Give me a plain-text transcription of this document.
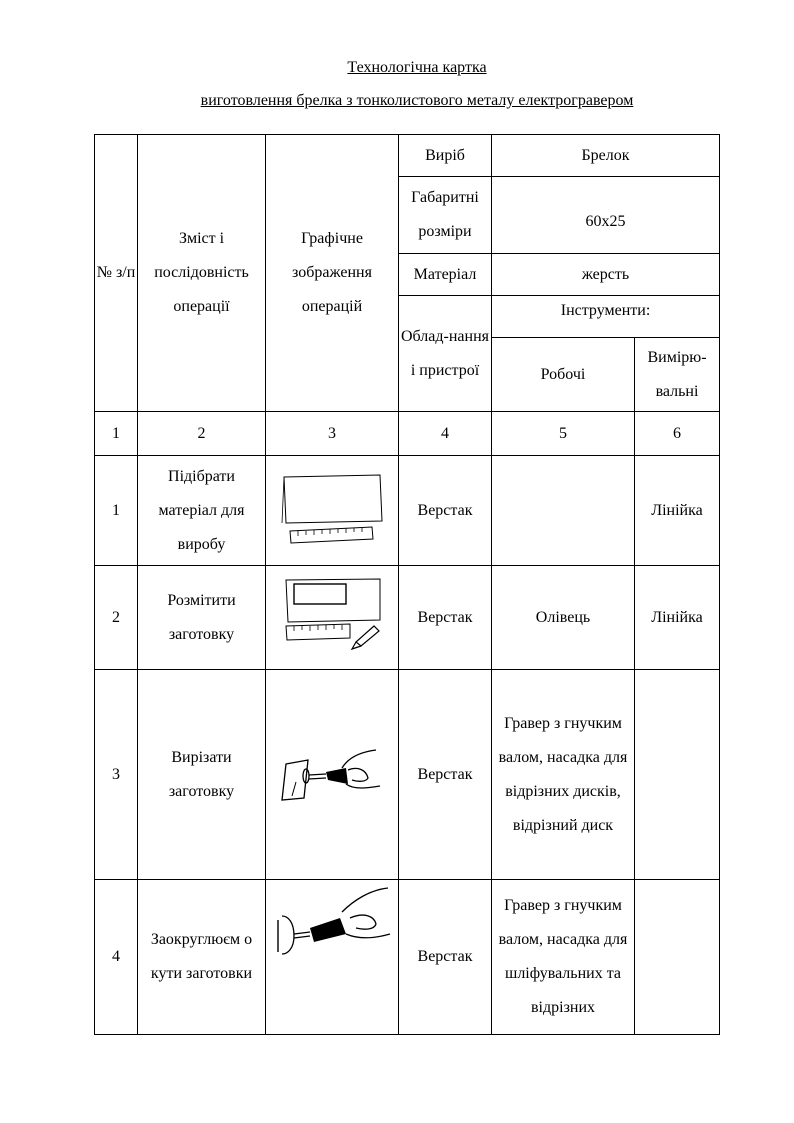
Технологічна картка
виготовлення брелка з тонколистового металу електрогравером
№ з/п	Зміст і послідовність операції	Графічне зображення операцій	Виріб	Брелок	
			Габаритні розміри	60x25	
			Матеріал	жерсть	
			Облад-нання і пристрої	Інструменти:	
				Робочі	Вимірю-вальні

1	2	3	4	5	6
1	Підібрати матеріал для виробу		Верстак		Лінійка
2	Розмітити заготовку		Верстак	Олівець	Лінійка
3	Вирізати заготовку		Верстак	Гравер з гнучким валом, насадка для відрізних дисків, відрізний диск	
4	Заокруглюєм о кути заготовки		Верстак	Гравер з гнучким валом, насадка для шліфувальних та відрізних	
